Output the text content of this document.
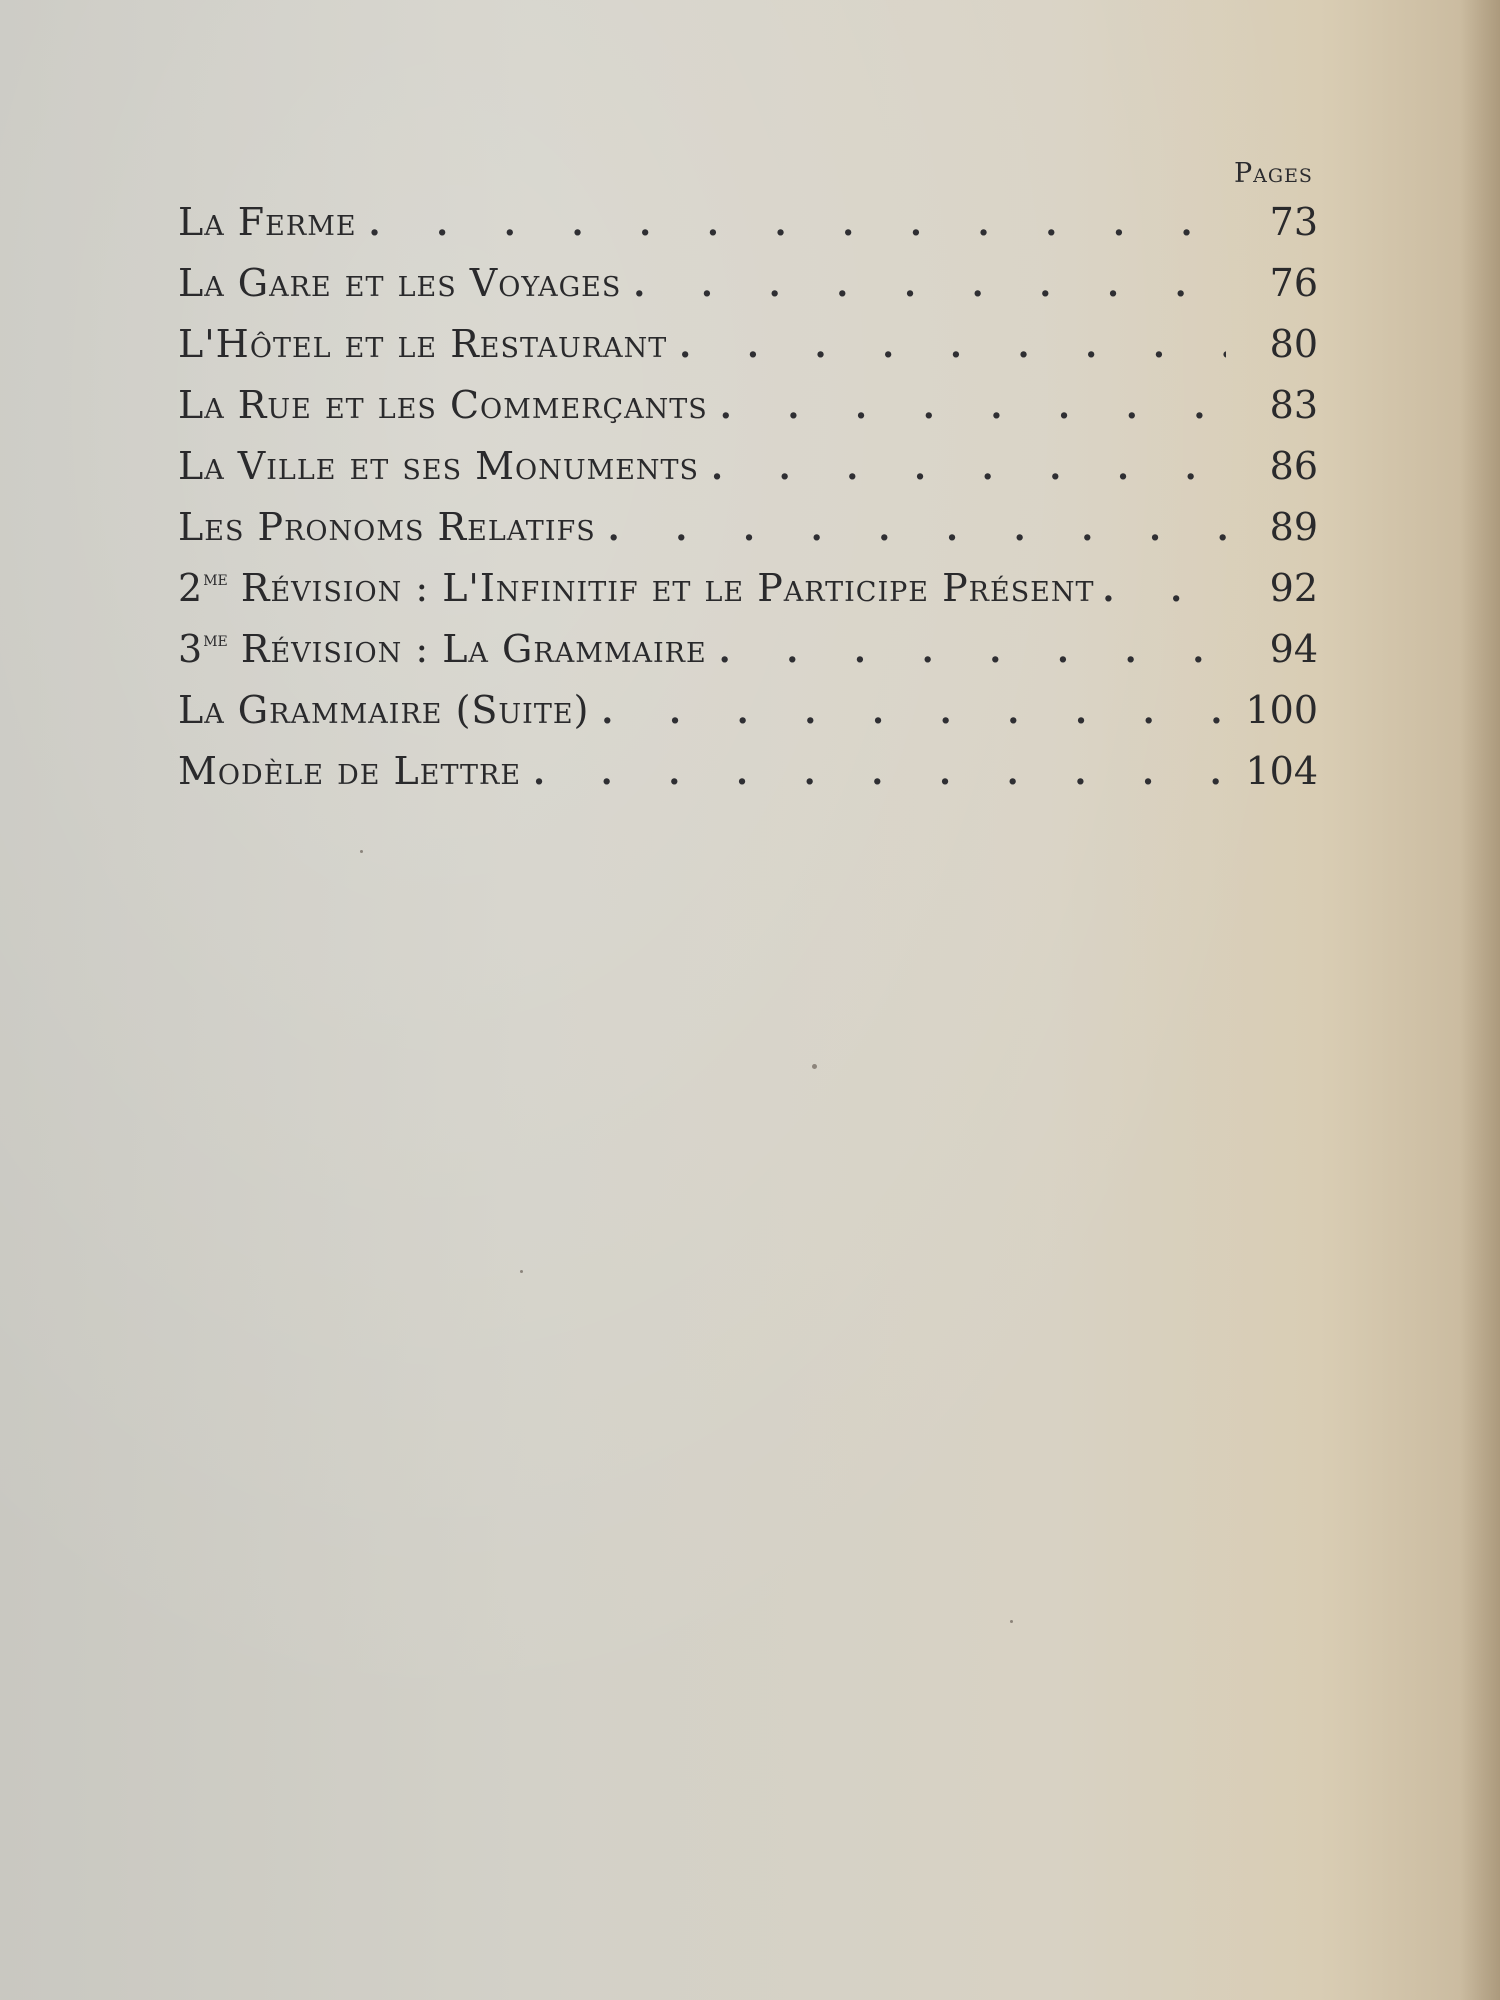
Pages
La Ferme . . .	73
La Gare et les Voyages . . .	76
L'Hôtel et le Restaurant . . .	80
La Rue et les Commerçants . . .	83
La Ville et ses Monuments . . .	86
Les Pronoms Relatifs . . .	89
$2^{me}$ Révision : L'Infinitif et le Participe Présent . . .	92
$3^{me}$ Révision : La Grammaire . . .	94
La Grammaire (Suite) . . .	100
Modèle de Lettre . . .	104
